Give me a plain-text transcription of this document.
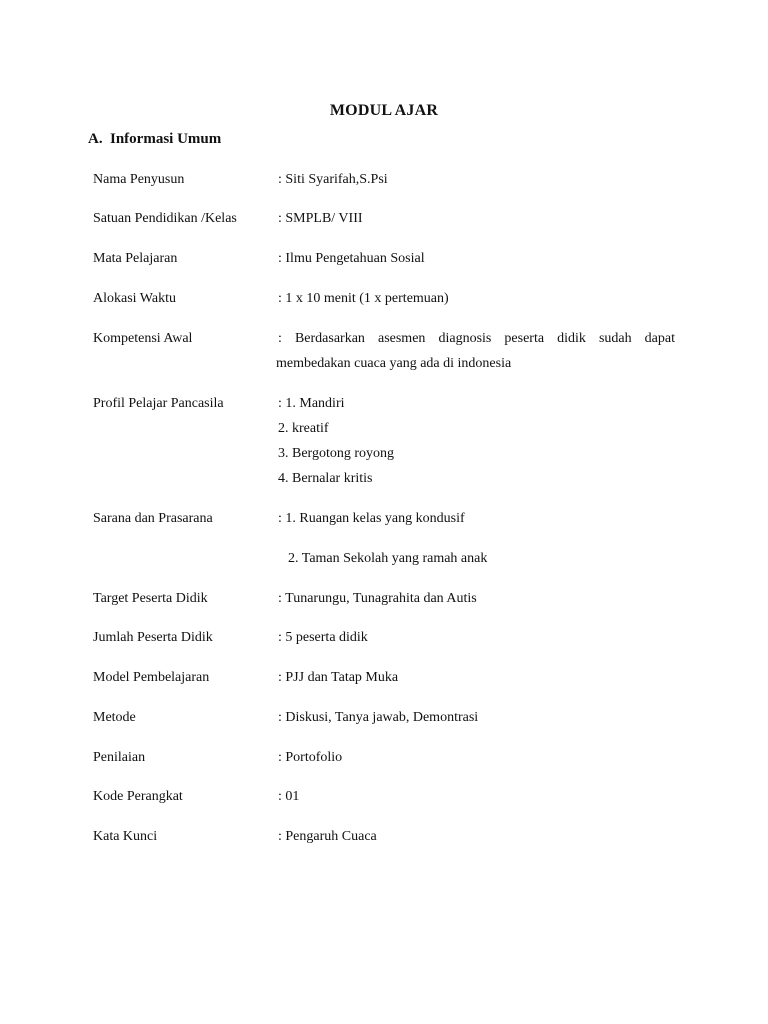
MODUL AJAR
A. Informasi Umum
Nama Penyusun	: Siti Syarifah,S.Psi
Satuan Pendidikan /Kelas	: SMPLB/ VIII
Mata Pelajaran	: Ilmu Pengetahuan Sosial
Alokasi Waktu	: 1 x 10 menit (1 x pertemuan)
Kompetensi Awal	: Berdasarkan asesmen diagnosis peserta didik sudah dapat
membedakan cuaca yang ada di indonesia
Profil Pelajar Pancasila	: 1. Mandiri
2. kreatif
3. Bergotong royong
4. Bernalar kritis
Sarana dan Prasarana	: 1. Ruangan kelas yang kondusif
2. Taman Sekolah yang ramah anak
Target Peserta Didik	: Tunarungu, Tunagrahita dan Autis
Jumlah Peserta Didik	: 5 peserta didik
Model Pembelajaran	: PJJ dan Tatap Muka
Metode	: Diskusi, Tanya jawab, Demontrasi
Penilaian	: Portofolio
Kode Perangkat	: 01
Kata Kunci	: Pengaruh Cuaca
